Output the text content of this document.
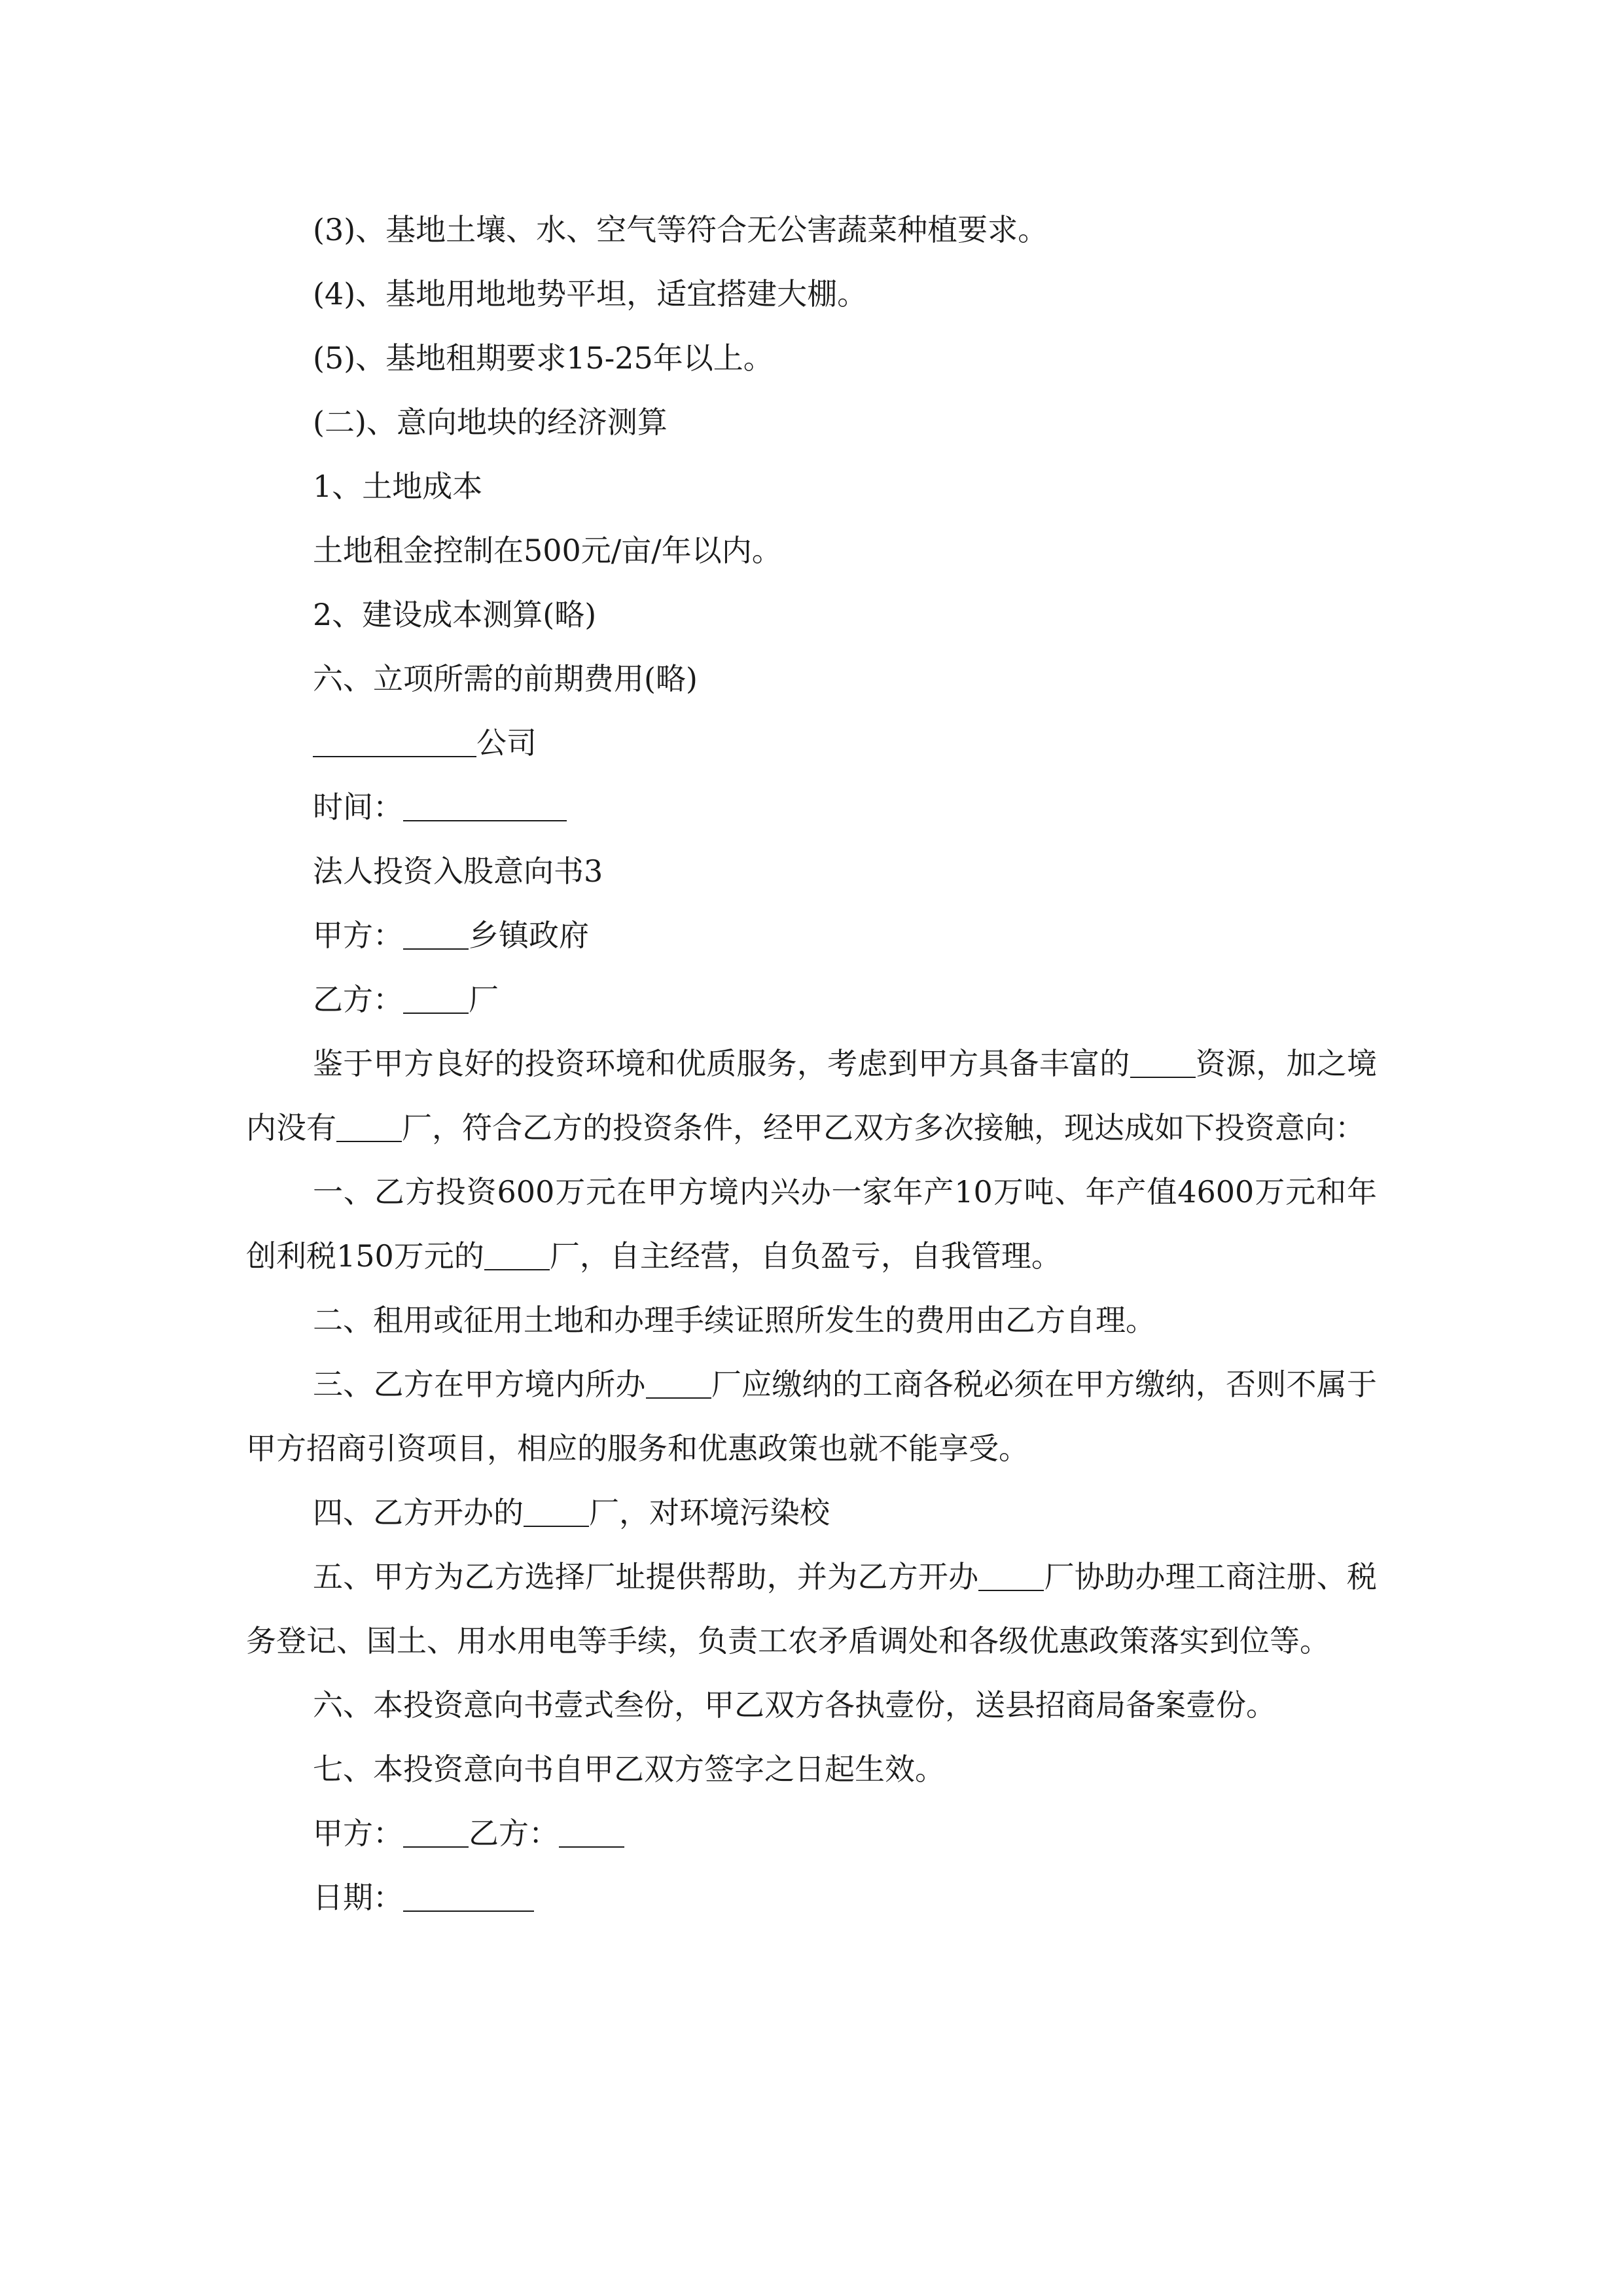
(3)、基地土壤、水、空气等符合无公害蔬菜种植要求。

(4)、基地用地地势平坦，适宜搭建大棚。

(5)、基地租期要求15-25年以上。

(二)、意向地块的经济测算

1、土地成本

土地租金控制在500元/亩/年以内。

2、建设成本测算(略)

六、立项所需的前期费用(略)

公司

时间：

法人投资入股意向书3

甲方： 乡镇政府

乙方： 厂

鉴于甲方良好的投资环境和优质服务，考虑到甲方具备丰富的 资源，加之境内没有 厂，符合乙方的投资条件，经甲乙双方多次接触，现达成如下投资意向：

一、乙方投资600万元在甲方境内兴办一家年产10万吨、年产值4600万元和年创利税150万元的 厂，自主经营，自负盈亏，自我管理。

二、租用或征用土地和办理手续证照所发生的费用由乙方自理。

三、乙方在甲方境内所办 厂应缴纳的工商各税必须在甲方缴纳，否则不属于甲方招商引资项目，相应的服务和优惠政策也就不能享受。

四、乙方开办的 厂，对环境污染校

五、甲方为乙方选择厂址提供帮助，并为乙方开办 厂协助办理工商注册、税务登记、国土、用水用电等手续，负责工农矛盾调处和各级优惠政策落实到位等。

六、本投资意向书壹式叁份，甲乙双方各执壹份，送县招商局备案壹份。

七、本投资意向书自甲乙双方签字之日起生效。

甲方： 乙方：

日期：
